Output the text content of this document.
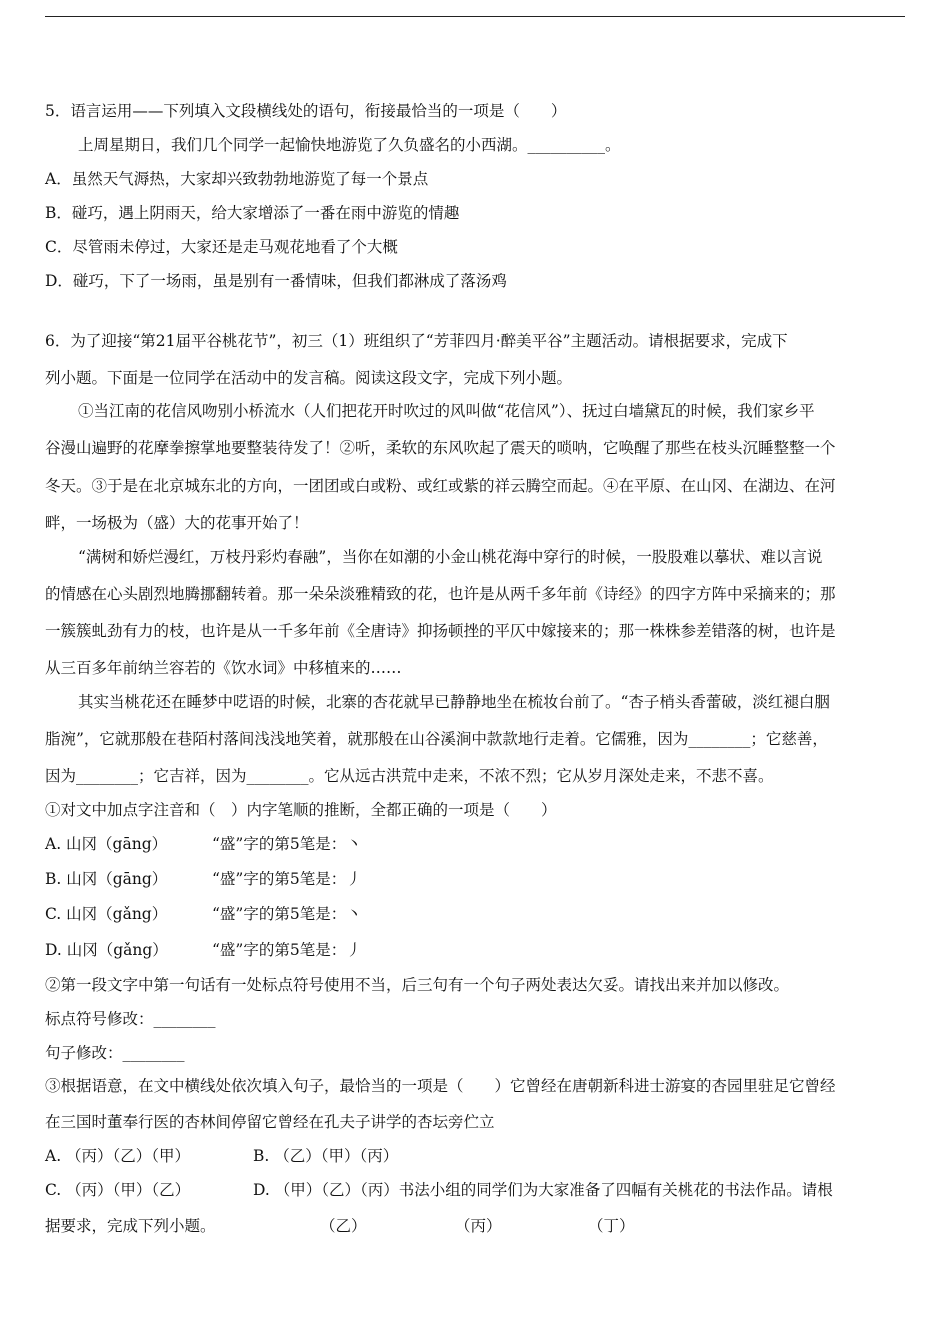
5．语言运用——下列填入文段横线处的语句，衔接最恰当的一项是（　　）
上周星期日，我们几个同学一起愉快地游览了久负盛名的小西湖。__________。
A．虽然天气溽热，大家却兴致勃勃地游览了每一个景点
B．碰巧，遇上阴雨天，给大家增添了一番在雨中游览的情趣
C．尽管雨未停过，大家还是走马观花地看了个大概
D．碰巧，下了一场雨，虽是别有一番情味，但我们都淋成了落汤鸡
6．为了迎接“第21届平谷桃花节”，初三（1）班组织了“芳菲四月·醉美平谷”主题活动。请根据要求，完成下
列小题。下面是一位同学在活动中的发言稿。阅读这段文字，完成下列小题。
①当江南的花信风吻别小桥流水（人们把花开时吹过的风叫做“花信风”）、抚过白墙黛瓦的时候，我们家乡平
谷漫山遍野的花摩拳擦掌地要整装待发了！②听，柔软的东风吹起了震天的唢呐，它唤醒了那些在枝头沉睡整整一个
冬天。③于是在北京城东北的方向，一团团或白或粉、或红或紫的祥云腾空而起。④在平原、在山冈、在湖边、在河
畔，一场极为（盛）大的花事开始了！
“满树和娇烂漫红，万枝丹彩灼春融”，当你在如潮的小金山桃花海中穿行的时候，一股股难以摹状、难以言说
的情感在心头剧烈地腾挪翻转着。那一朵朵淡雅精致的花，也许是从两千多年前《诗经》的四字方阵中采摘来的；那
一簇簇虬劲有力的枝，也许是从一千多年前《全唐诗》抑扬顿挫的平仄中嫁接来的；那一株株参差错落的树，也许是
从三百多年前纳兰容若的《饮水词》中移植来的……
其实当桃花还在睡梦中呓语的时候，北寨的杏花就早已静静地坐在梳妆台前了。“杏子梢头香蕾破，淡红褪白胭
脂涴”，它就那般在巷陌村落间浅浅地笑着，就那般在山谷溪涧中款款地行走着。它儒雅，因为________；它慈善，
因为________；它吉祥，因为________。它从远古洪荒中走来，不浓不烈；它从岁月深处走来，不悲不喜。
①对文中加点字注音和（　）内字笔顺的推断，全都正确的一项是（　　）
A. 山冈（gāng）	“盛”字的第5笔是：丶
B. 山冈（gāng）	“盛”字的第5笔是：丿
C. 山冈（gǎng）	“盛”字的第5笔是：丶
D. 山冈（gǎng）	“盛”字的第5笔是：丿
②第一段文字中第一句话有一处标点符号使用不当，后三句有一个句子两处表达欠妥。请找出来并加以修改。
标点符号修改：________
句子修改：________
③根据语意，在文中横线处依次填入句子，最恰当的一项是（　　）它曾经在唐朝新科进士游宴的杏园里驻足它曾经
在三国时董奉行医的杏林间停留它曾经在孔夫子讲学的杏坛旁伫立
A. （丙）（乙）（甲）	B. （乙）（甲）（丙）
C. （丙）（甲）（乙）	D. （甲）（乙）（丙）书法小组的同学们为大家准备了四幅有关桃花的书法作品。请根
据要求，完成下列小题。	（乙）	（丙）	（丁）
